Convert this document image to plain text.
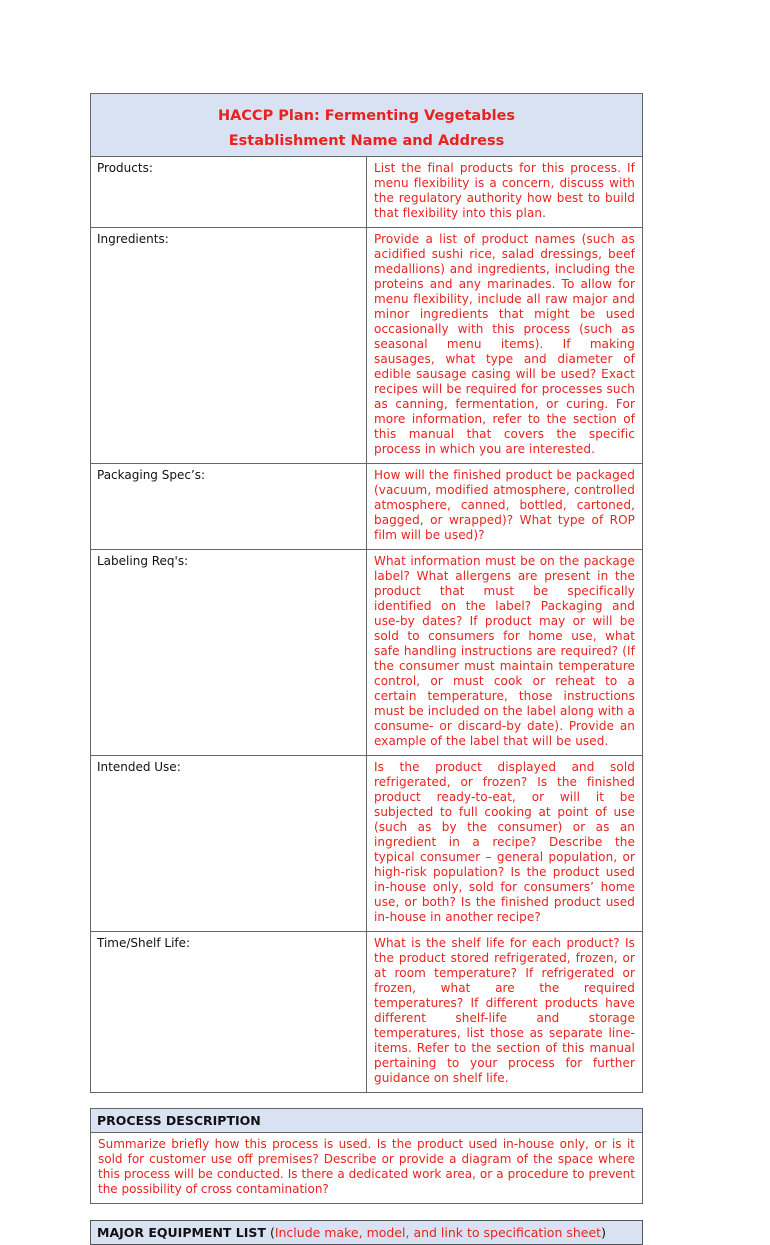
HACCP Plan: Fermenting Vegetables
Establishment Name and Address	

Products:	List the final products for this process. If menu flexibility is a concern, discuss with the regulatory authority how best to build that flexibility into this plan.
Ingredients:	Provide a list of product names (such as acidified sushi rice, salad dressings, beef medallions) and ingredients, including the proteins and any marinades. To allow for menu flexibility, include all raw major and minor ingredients that might be used occasionally with this process (such as seasonal menu items). If making sausages, what type and diameter of edible sausage casing will be used? Exact recipes will be required for processes such as canning, fermentation, or curing. For more information, refer to the section of this manual that covers the specific process in which you are interested.
Packaging Spec’s:	How will the finished product be packaged (vacuum, modified atmosphere, controlled atmosphere, canned, bottled, cartoned, bagged, or wrapped)? What type of ROP film will be used)?
Labeling Req's:	What information must be on the package label? What allergens are present in the product that must be specifically identified on the label? Packaging and use-by dates? If product may or will be sold to consumers for home use, what safe handling instructions are required? (If the consumer must maintain temperature control, or must cook or reheat to a certain temperature, those instructions must be included on the label along with a consume- or discard-by date). Provide an example of the label that will be used.
Intended Use:	Is the product displayed and sold refrigerated, or frozen? Is the finished product ready-to-eat, or will it be subjected to full cooking at point of use (such as by the consumer) or as an ingredient in a recipe? Describe the typical consumer – general population, or high-risk population? Is the product used in-house only, sold for consumers’ home use, or both? Is the finished product used in-house in another recipe?
Time/Shelf Life:	What is the shelf life for each product? Is the product stored refrigerated, frozen, or at room temperature? If refrigerated or frozen, what are the required temperatures? If different products have different shelf-life and storage temperatures, list those as separate line-items. Refer to the section of this manual pertaining to your process for further guidance on shelf life.
PROCESS DESCRIPTION
Summarize briefly how this process is used. Is the product used in-house only, or is it sold for customer use off premises? Describe or provide a diagram of the space where this process will be conducted. Is there a dedicated work area, or a procedure to prevent the possibility of cross contamination?
MAJOR EQUIPMENT LIST (Include make, model, and link to specification sheet)
